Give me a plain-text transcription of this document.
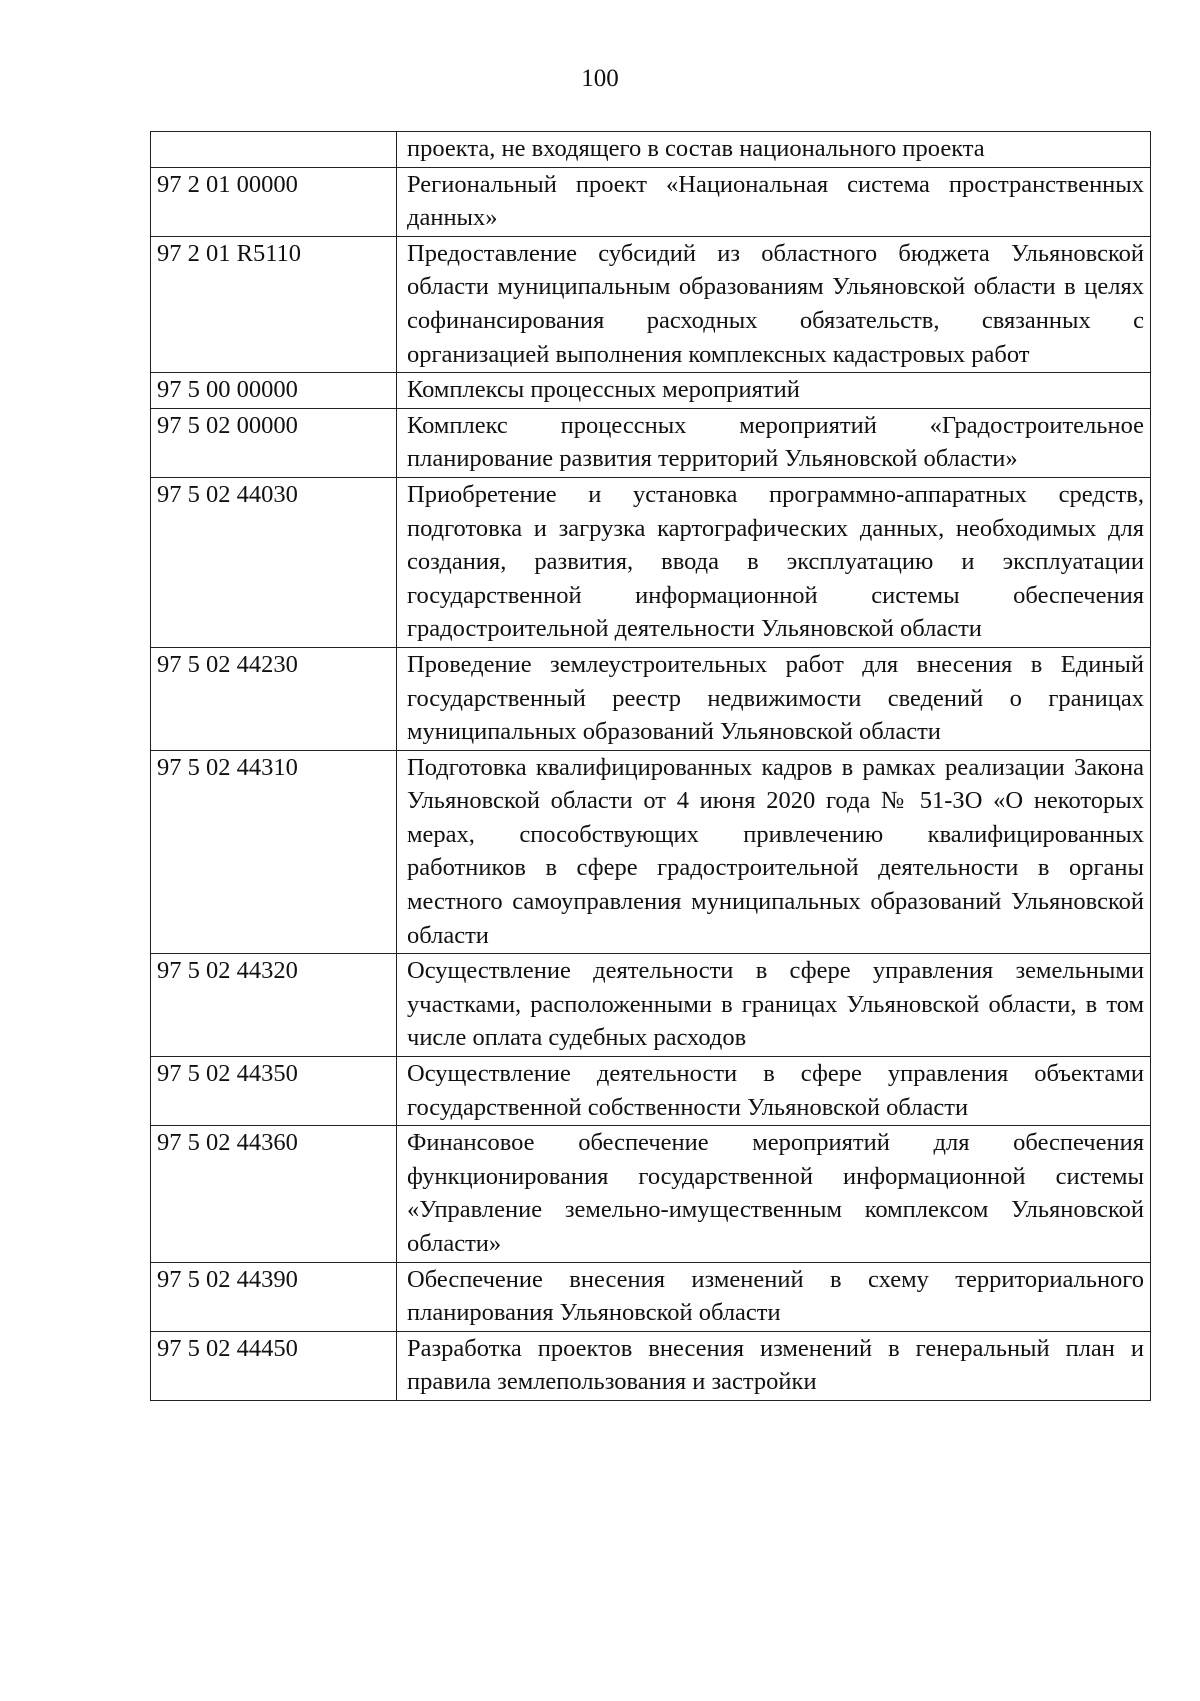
100
	проекта, не входящего в состав национального проекта
97 2 01 00000	Региональный проект «Национальная система пространственных данных»
97 2 01 R5110	Предоставление субсидий из областного бюджета Ульяновской области муниципальным образованиям Ульяновской области в целях софинансирования расходных обязательств, связанных с организацией выполнения комплексных кадастровых работ
97 5 00 00000	Комплексы процессных мероприятий
97 5 02 00000	Комплекс процессных мероприятий «Градостроительное планирование развития территорий Ульяновской области»
97 5 02 44030	Приобретение и установка программно-аппаратных средств, подготовка и загрузка картографических данных, необходимых для создания, развития, ввода в эксплуатацию и эксплуатации государственной информационной системы обеспечения градостроительной деятельности Ульяновской области
97 5 02 44230	Проведение землеустроительных работ для внесения в Единый государственный реестр недвижимости сведений о границах муниципальных образований Ульяновской области
97 5 02 44310	Подготовка квалифицированных кадров в рамках реализации Закона Ульяновской области от 4 июня 2020 года № 51-ЗО «О некоторых мерах, способствующих привлечению квалифицированных работников в сфере градостроительной деятельности в органы местного самоуправления муниципальных образований Ульяновской области
97 5 02 44320	Осуществление деятельности в сфере управления земельными участками, расположенными в границах Ульяновской области, в том числе оплата судебных расходов
97 5 02 44350	Осуществление деятельности в сфере управления объектами государственной собственности Ульяновской области
97 5 02 44360	Финансовое обеспечение мероприятий для обеспечения функционирования государственной информационной системы «Управление земельно-имущественным комплексом Ульяновской области»
97 5 02 44390	Обеспечение внесения изменений в схему территориального планирования Ульяновской области
97 5 02 44450	Разработка проектов внесения изменений в генеральный план и правила землепользования и застройки
